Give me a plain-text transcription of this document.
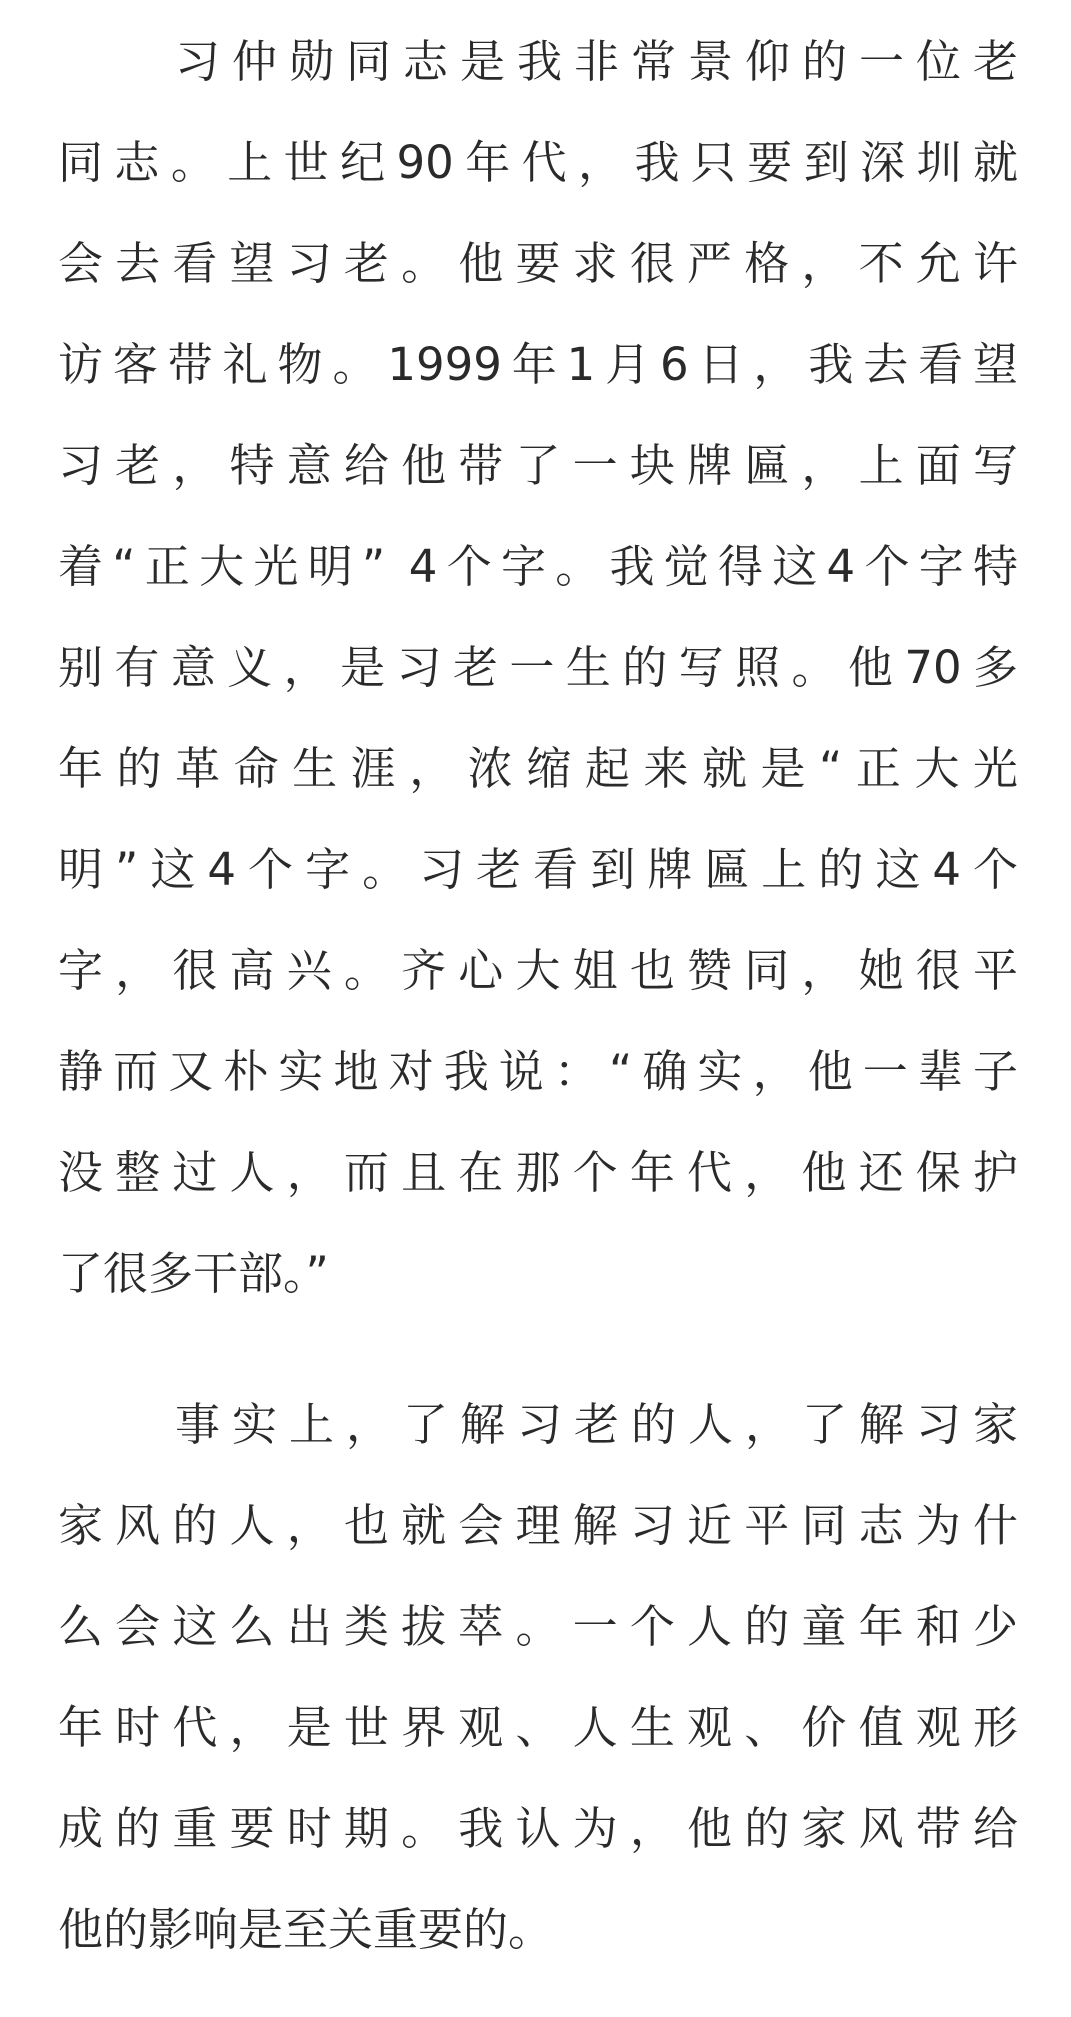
习仲勋同志是我非常景仰的一位老

同志。上世纪90年代，我只要到深圳就

会去看望习老。他要求很严格，不允许

访客带礼物。1999年1月6日，我去看望

习老，特意给他带了一块牌匾，上面写

着“正大光明” 4个字。我觉得这4个字特

别有意义，是习老一生的写照。他70多

年的革命生涯，浓缩起来就是“正大光

明”这4个字。习老看到牌匾上的这4个

字，很高兴。齐心大姐也赞同，她很平

静而又朴实地对我说：“确实，他一辈子

没整过人，而且在那个年代，他还保护

了很多干部。”

事实上，了解习老的人，了解习家

家风的人，也就会理解习近平同志为什

么会这么出类拔萃。一个人的童年和少

年时代，是世界观、人生观、价值观形

成的重要时期。我认为，他的家风带给

他的影响是至关重要的。
